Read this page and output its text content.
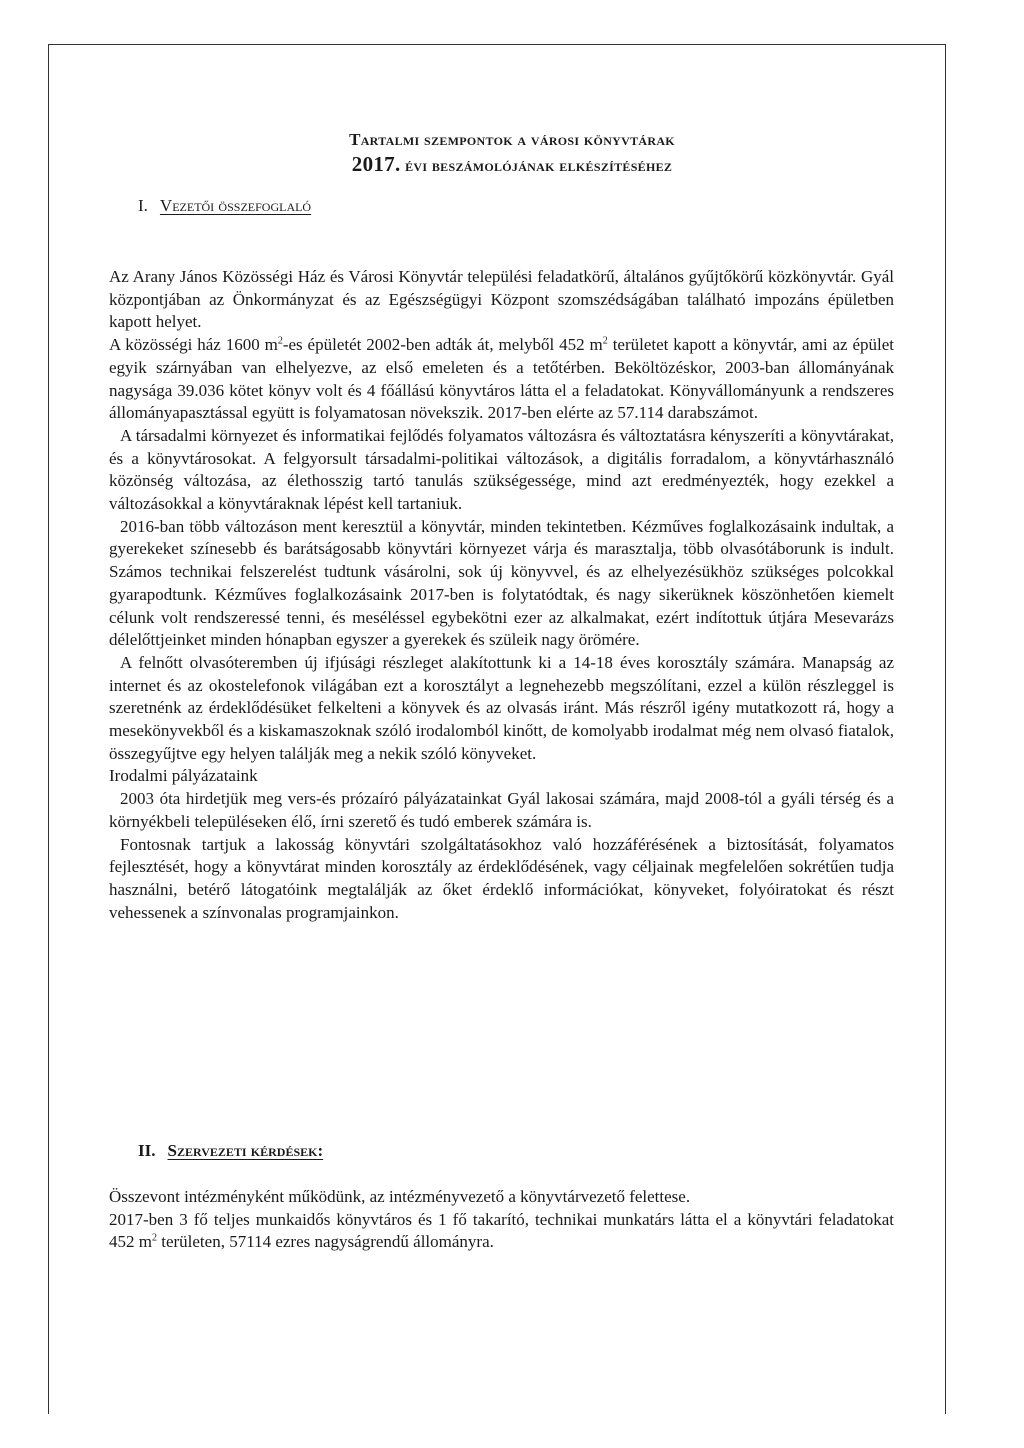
Tartalmi szempontok a városi könyvtárak
2017. évi beszámolójának elkészítéséhez
I. Vezetői összefoglaló

Az Arany János Közösségi Ház és Városi Könyvtár települési feladatkörű, általános gyűjtőkörű közkönyvtár. Gyál központjában az Önkormányzat és az Egészségügyi Központ szomszédságában található impozáns épületben kapott helyet.

A közösségi ház 1600 $m^2-es$ épületét 2002-ben adták át, melyből 452 $m^2$ területet kapott a könyvtár, ami az épület egyik szárnyában van elhelyezve, az első emeleten és a tetőtérben. Beköltözéskor, 2003-ban állományának nagysága 39.036 kötet könyv volt és 4 főállású könyvtáros látta el a feladatokat. Könyvállományunk a rendszeres állományapasztással együtt is folyamatosan növekszik. 2017-ben elérte az 57.114 darabszámot.

A társadalmi környezet és informatikai fejlődés folyamatos változásra és változtatásra kényszeríti a könyvtárakat, és a könyvtárosokat. A felgyorsult társadalmi-politikai változások, a digitális forradalom, a könyvtárhasználó közönség változása, az élethosszig tartó tanulás szükségessége, mind azt eredményezték, hogy ezekkel a változásokkal a könyvtáraknak lépést kell tartaniuk.

2016-ban több változáson ment keresztül a könyvtár, minden tekintetben. Kézműves foglalkozásaink indultak, a gyerekeket színesebb és barátságosabb könyvtári környezet várja és marasztalja, több olvasótáborunk is indult. Számos technikai felszerelést tudtunk vásárolni, sok új könyvvel, és az elhelyezésükhöz szükséges polcokkal gyarapodtunk. Kézműves foglalkozásaink 2017-ben is folytatódtak, és nagy sikerüknek köszönhetően kiemelt célunk volt rendszeressé tenni, és meséléssel egybekötni ezer az alkalmakat, ezért indítottuk útjára Mesevarázs délelőttjeinket minden hónapban egyszer a gyerekek és szüleik nagy örömére.

A felnőtt olvasóteremben új ifjúsági részleget alakítottunk ki a 14-18 éves korosztály számára. Manapság az internet és az okostelefonok világában ezt a korosztályt a legnehezebb megszólítani, ezzel a külön részleggel is szeretnénk az érdeklődésüket felkelteni a könyvek és az olvasás iránt. Más részről igény mutatkozott rá, hogy a mesekönyvekből és a kiskamaszoknak szóló irodalomból kinőtt, de komolyabb irodalmat még nem olvasó fiatalok, összegyűjtve egy helyen találják meg a nekik szóló könyveket.

Irodalmi pályázataink

2003 óta hirdetjük meg vers-és prózaíró pályázatainkat Gyál lakosai számára, majd 2008-tól a gyáli térség és a környékbeli településeken élő, írni szerető és tudó emberek számára is.

Fontosnak tartjuk a lakosság könyvtári szolgáltatásokhoz való hozzáférésének a biztosítását, folyamatos fejlesztését, hogy a könyvtárat minden korosztály az érdeklődésének, vagy céljainak megfelelően sokrétűen tudja használni, betérő látogatóink megtalálják az őket érdeklő információkat, könyveket, folyóiratokat és részt vehessenek a színvonalas programjainkon.

II. Szervezeti kérdések:

Összevont intézményként működünk, az intézményvezető a könyvtárvezető felettese.

2017-ben 3 fő teljes munkaidős könyvtáros és 1 fő takarító, technikai munkatárs látta el a könyvtári feladatokat 452 $m^2$ területen, 57114 ezres nagyságrendű állományra.
